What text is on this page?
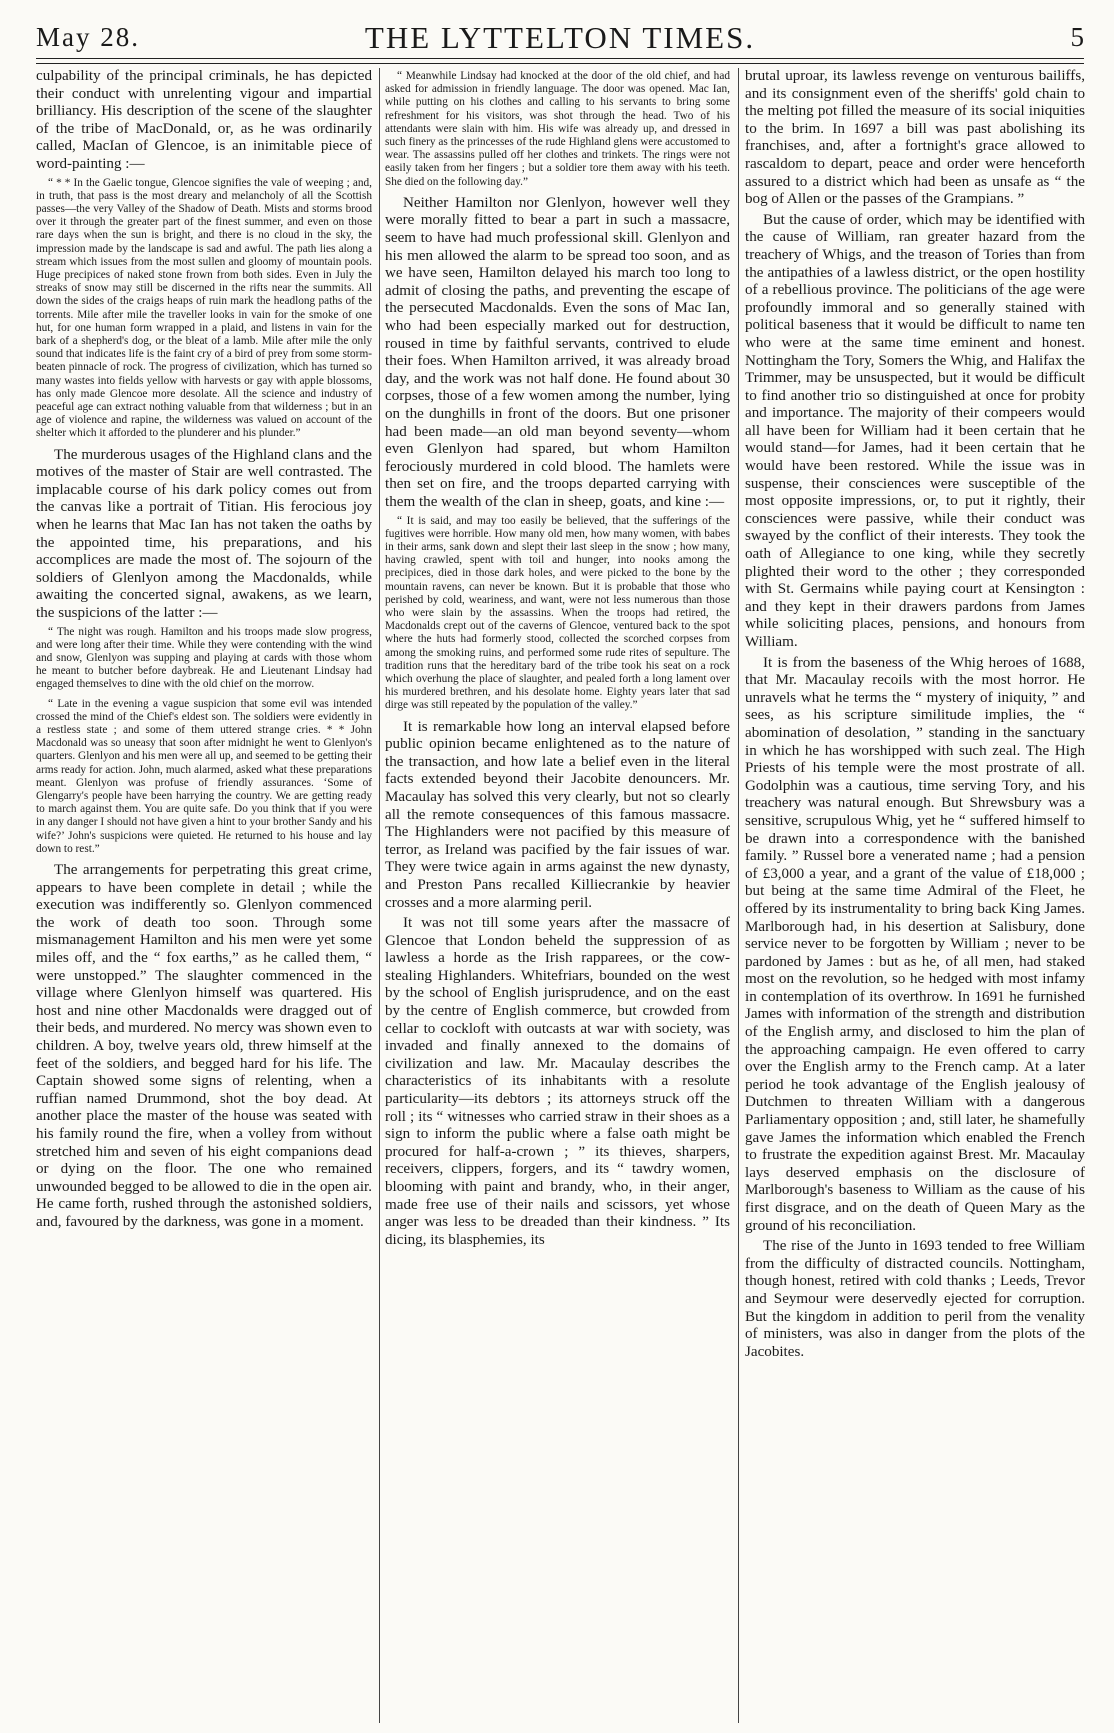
May 28.	THE LYTTELTON TIMES.	5

culpability of the principal criminals, he has depicted their conduct with unrelenting vigour and impartial brilliancy. His description of the scene of the slaughter of the tribe of MacDonald, or, as he was ordinarily called, MacIan of Glencoe, is an inimitable piece of word-painting :—

“ * * In the Gaelic tongue, Glencoe signifies the vale of weeping ; and, in truth, that pass is the most dreary and melancholy of all the Scottish passes—the very Valley of the Shadow of Death. Mists and storms brood over it through the greater part of the finest summer, and even on those rare days when the sun is bright, and there is no cloud in the sky, the impression made by the landscape is sad and awful. The path lies along a stream which issues from the most sullen and gloomy of mountain pools. Huge precipices of naked stone frown from both sides. Even in July the streaks of snow may still be discerned in the rifts near the summits. All down the sides of the craigs heaps of ruin mark the headlong paths of the torrents. Mile after mile the traveller looks in vain for the smoke of one hut, for one human form wrapped in a plaid, and listens in vain for the bark of a shepherd's dog, or the bleat of a lamb. Mile after mile the only sound that indicates life is the faint cry of a bird of prey from some storm-beaten pinnacle of rock. The progress of civilization, which has turned so many wastes into fields yellow with harvests or gay with apple blossoms, has only made Glencoe more desolate. All the science and industry of peaceful age can extract nothing valuable from that wilderness ; but in an age of violence and rapine, the wilderness was valued on account of the shelter which it afforded to the plunderer and his plunder.”

The murderous usages of the Highland clans and the motives of the master of Stair are well contrasted. The implacable course of his dark policy comes out from the canvas like a portrait of Titian. His ferocious joy when he learns that Mac Ian has not taken the oaths by the appointed time, his preparations, and his accomplices are made the most of. The sojourn of the soldiers of Glenlyon among the Macdonalds, while awaiting the concerted signal, awakens, as we learn, the suspicions of the latter :—

“ The night was rough. Hamilton and his troops made slow progress, and were long after their time. While they were contending with the wind and snow, Glenlyon was supping and playing at cards with those whom he meant to butcher before daybreak. He and Lieutenant Lindsay had engaged themselves to dine with the old chief on the morrow.

“ Late in the evening a vague suspicion that some evil was intended crossed the mind of the Chief's eldest son. The soldiers were evidently in a restless state ; and some of them uttered strange cries. * * John Macdonald was so uneasy that soon after midnight he went to Glenlyon's quarters. Glenlyon and his men were all up, and seemed to be getting their arms ready for action. John, much alarmed, asked what these preparations meant. Glenlyon was profuse of friendly assurances. ‘Some of Glengarry's people have been harrying the country. We are getting ready to march against them. You are quite safe. Do you think that if you were in any danger I should not have given a hint to your brother Sandy and his wife?’ John's suspicions were quieted. He returned to his house and lay down to rest.”

The arrangements for perpetrating this great crime, appears to have been complete in detail ; while the execution was indifferently so. Glenlyon commenced the work of death too soon. Through some mismanagement Hamilton and his men were yet some miles off, and the “ fox earths,” as he called them, “ were unstopped.” The slaughter commenced in the village where Glenlyon himself was quartered. His host and nine other Macdonalds were dragged out of their beds, and murdered. No mercy was shown even to children. A boy, twelve years old, threw himself at the feet of the soldiers, and begged hard for his life. The Captain showed some signs of relenting, when a ruffian named Drummond, shot the boy dead. At another place the master of the house was seated with his family round the fire, when a volley from without stretched him and seven of his eight companions dead or dying on the floor. The one who remained unwounded begged to be allowed to die in the open air. He came forth, rushed through the astonished soldiers, and, favoured by the darkness, was gone in a moment.

“ Meanwhile Lindsay had knocked at the door of the old chief, and had asked for admission in friendly language. The door was opened. Mac Ian, while putting on his clothes and calling to his servants to bring some refreshment for his visitors, was shot through the head. Two of his attendants were slain with him. His wife was already up, and dressed in such finery as the princesses of the rude Highland glens were accustomed to wear. The assassins pulled off her clothes and trinkets. The rings were not easily taken from her fingers ; but a soldier tore them away with his teeth. She died on the following day.”

Neither Hamilton nor Glenlyon, however well they were morally fitted to bear a part in such a massacre, seem to have had much professional skill. Glenlyon and his men allowed the alarm to be spread too soon, and as we have seen, Hamilton delayed his march too long to admit of closing the paths, and preventing the escape of the persecuted Macdonalds. Even the sons of Mac Ian, who had been especially marked out for destruction, roused in time by faithful servants, contrived to elude their foes. When Hamilton arrived, it was already broad day, and the work was not half done. He found about 30 corpses, those of a few women among the number, lying on the dunghills in front of the doors. But one prisoner had been made—an old man beyond seventy—whom even Glenlyon had spared, but whom Hamilton ferociously murdered in cold blood. The hamlets were then set on fire, and the troops departed carrying with them the wealth of the clan in sheep, goats, and kine :—

“ It is said, and may too easily be believed, that the sufferings of the fugitives were horrible. How many old men, how many women, with babes in their arms, sank down and slept their last sleep in the snow ; how many, having crawled, spent with toil and hunger, into nooks among the precipices, died in those dark holes, and were picked to the bone by the mountain ravens, can never be known. But it is probable that those who perished by cold, weariness, and want, were not less numerous than those who were slain by the assassins. When the troops had retired, the Macdonalds crept out of the caverns of Glencoe, ventured back to the spot where the huts had formerly stood, collected the scorched corpses from among the smoking ruins, and performed some rude rites of sepulture. The tradition runs that the hereditary bard of the tribe took his seat on a rock which overhung the place of slaughter, and pealed forth a long lament over his murdered brethren, and his desolate home. Eighty years later that sad dirge was still repeated by the population of the valley.”

It is remarkable how long an interval elapsed before public opinion became enlightened as to the nature of the transaction, and how late a belief even in the literal facts extended beyond their Jacobite denouncers. Mr. Macaulay has solved this very clearly, but not so clearly all the remote consequences of this famous massacre. The Highlanders were not pacified by this measure of terror, as Ireland was pacified by the fair issues of war. They were twice again in arms against the new dynasty, and Preston Pans recalled Killiecrankie by heavier crosses and a more alarming peril.

It was not till some years after the massacre of Glencoe that London beheld the suppression of as lawless a horde as the Irish rapparees, or the cow-stealing Highlanders. Whitefriars, bounded on the west by the school of English jurisprudence, and on the east by the centre of English commerce, but crowded from cellar to cockloft with outcasts at war with society, was invaded and finally annexed to the domains of civilization and law. Mr. Macaulay describes the characteristics of its inhabitants with a resolute particularity—its debtors ; its attorneys struck off the roll ; its “ witnesses who carried straw in their shoes as a sign to inform the public where a false oath might be procured for half-a-crown ; ” its thieves, sharpers, receivers, clippers, forgers, and its “ tawdry women, blooming with paint and brandy, who, in their anger, made free use of their nails and scissors, yet whose anger was less to be dreaded than their kindness. ” Its dicing, its blasphemies, its

brutal uproar, its lawless revenge on venturous bailiffs, and its consignment even of the sheriffs' gold chain to the melting pot filled the measure of its social iniquities to the brim. In 1697 a bill was past abolishing its franchises, and, after a fortnight's grace allowed to rascaldom to depart, peace and order were henceforth assured to a district which had been as unsafe as “ the bog of Allen or the passes of the Grampians. ”

But the cause of order, which may be identified with the cause of William, ran greater hazard from the treachery of Whigs, and the treason of Tories than from the antipathies of a lawless district, or the open hostility of a rebellious province. The politicians of the age were profoundly immoral and so generally stained with political baseness that it would be difficult to name ten who were at the same time eminent and honest. Nottingham the Tory, Somers the Whig, and Halifax the Trimmer, may be unsuspected, but it would be difficult to find another trio so distinguished at once for probity and importance. The majority of their compeers would all have been for William had it been certain that he would stand—for James, had it been certain that he would have been restored. While the issue was in suspense, their consciences were susceptible of the most opposite impressions, or, to put it rightly, their consciences were passive, while their conduct was swayed by the conflict of their interests. They took the oath of Allegiance to one king, while they secretly plighted their word to the other ; they corresponded with St. Germains while paying court at Kensington : and they kept in their drawers pardons from James while soliciting places, pensions, and honours from William.

It is from the baseness of the Whig heroes of 1688, that Mr. Macaulay recoils with the most horror. He unravels what he terms the “ mystery of iniquity, ” and sees, as his scripture similitude implies, the “ abomination of desolation, ” standing in the sanctuary in which he has worshipped with such zeal. The High Priests of his temple were the most prostrate of all. Godolphin was a cautious, time serving Tory, and his treachery was natural enough. But Shrewsbury was a sensitive, scrupulous Whig, yet he “ suffered himself to be drawn into a correspondence with the banished family. ” Russel bore a venerated name ; had a pension of £3,000 a year, and a grant of the value of £18,000 ; but being at the same time Admiral of the Fleet, he offered by its instrumentality to bring back King James. Marlborough had, in his desertion at Salisbury, done service never to be forgotten by William ; never to be pardoned by James : but as he, of all men, had staked most on the revolution, so he hedged with most infamy in contemplation of its overthrow. In 1691 he furnished James with information of the strength and distribution of the English army, and disclosed to him the plan of the approaching campaign. He even offered to carry over the English army to the French camp. At a later period he took advantage of the English jealousy of Dutchmen to threaten William with a dangerous Parliamentary opposition ; and, still later, he shamefully gave James the information which enabled the French to frustrate the expedition against Brest. Mr. Macaulay lays deserved emphasis on the disclosure of Marlborough's baseness to William as the cause of his first disgrace, and on the death of Queen Mary as the ground of his reconciliation.

The rise of the Junto in 1693 tended to free William from the difficulty of distracted councils. Nottingham, though honest, retired with cold thanks ; Leeds, Trevor and Seymour were deservedly ejected for corruption. But the kingdom in addition to peril from the venality of ministers, was also in danger from the plots of the Jacobites.
